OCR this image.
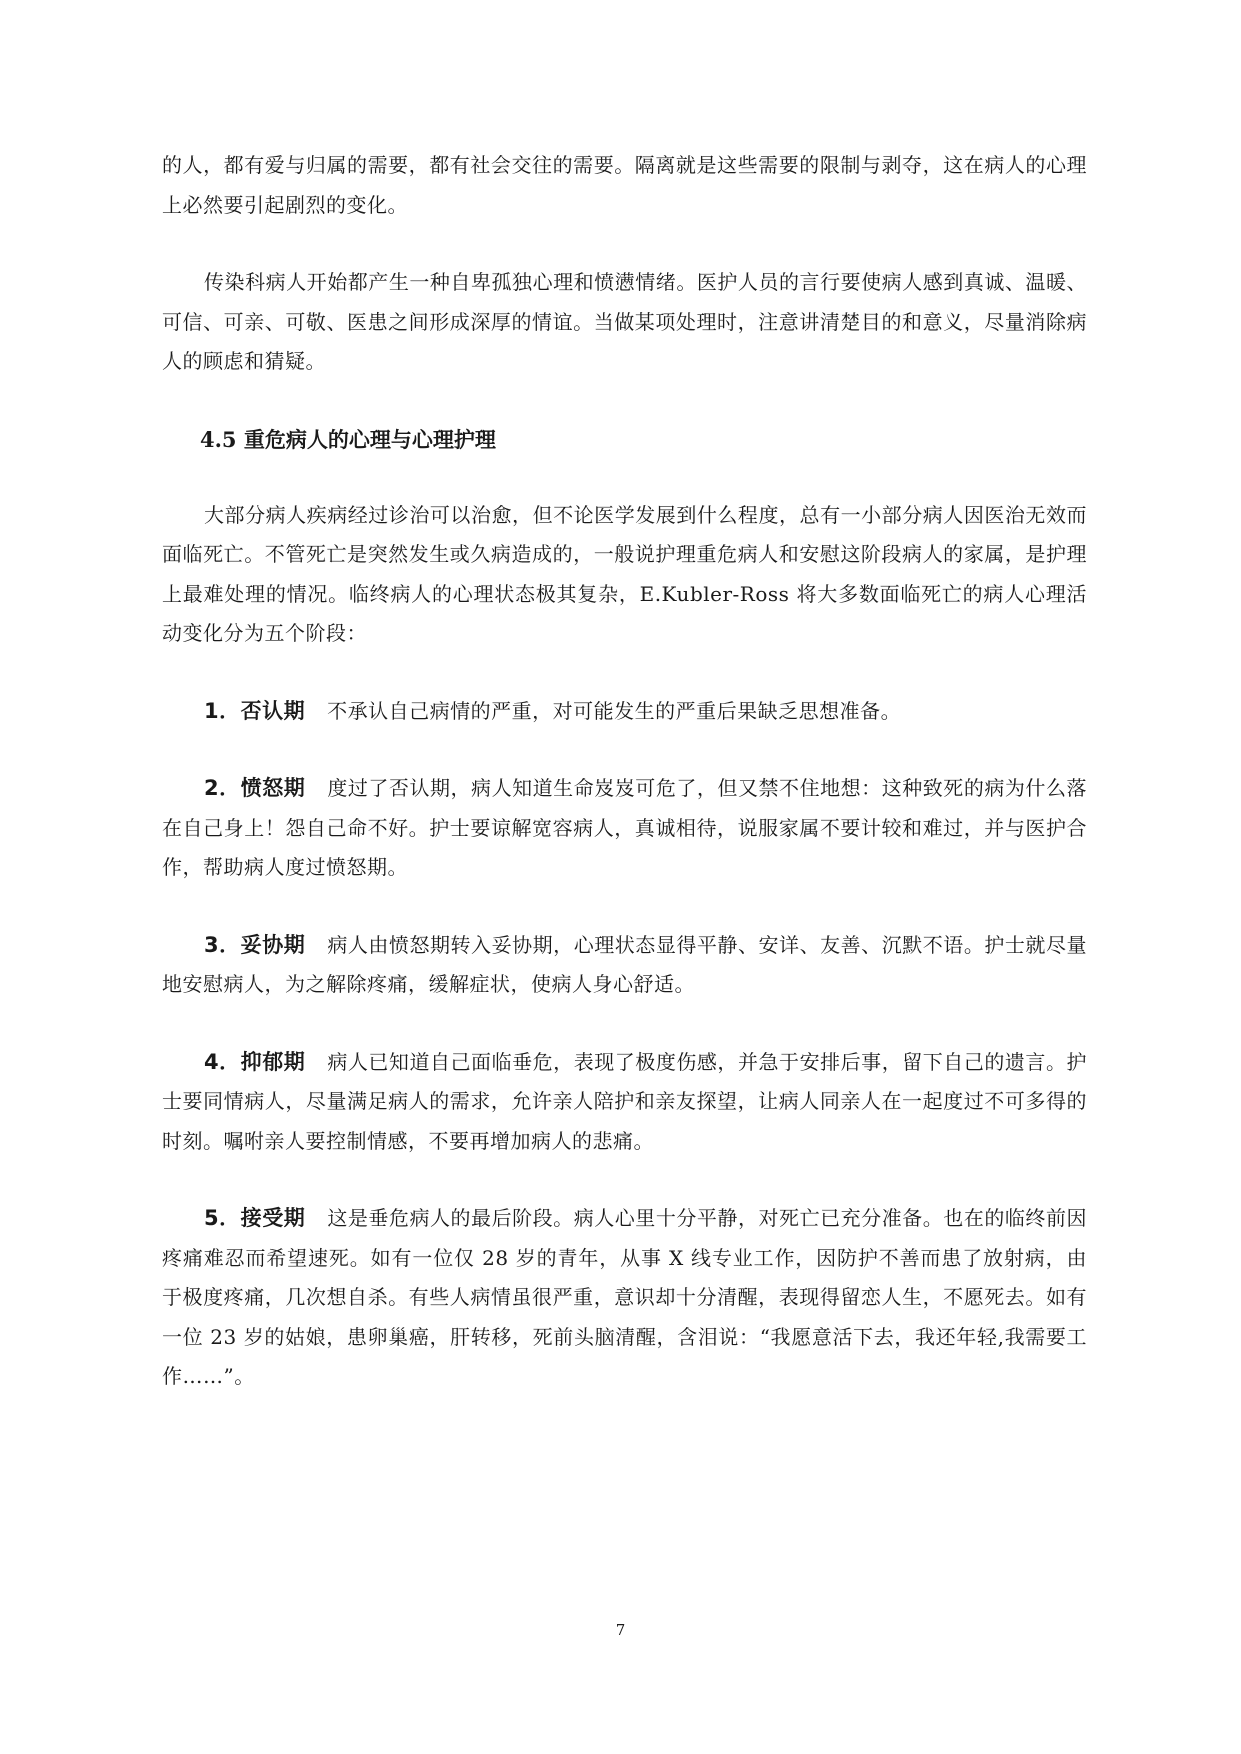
的人，都有爱与归属的需要，都有社会交往的需要。隔离就是这些需要的限制与剥夺，这在病人的心理上必然要引起剧烈的变化。

传染科病人开始都产生一种自卑孤独心理和愤懑情绪。医护人员的言行要使病人感到真诚、温暖、可信、可亲、可敬、医患之间形成深厚的情谊。当做某项处理时，注意讲清楚目的和意义，尽量消除病人的顾虑和猜疑。

4.5 重危病人的心理与心理护理

大部分病人疾病经过诊治可以治愈，但不论医学发展到什么程度，总有一小部分病人因医治无效而面临死亡。不管死亡是突然发生或久病造成的，一般说护理重危病人和安慰这阶段病人的家属，是护理上最难处理的情况。临终病人的心理状态极其复杂，E.Kubler-Ross 将大多数面临死亡的病人心理活动变化分为五个阶段：

1．否认期 不承认自己病情的严重，对可能发生的严重后果缺乏思想准备。

2．愤怒期 度过了否认期，病人知道生命岌岌可危了，但又禁不住地想：这种致死的病为什么落在自己身上！怨自己命不好。护士要谅解宽容病人，真诚相待，说服家属不要计较和难过，并与医护合作，帮助病人度过愤怒期。

3．妥协期 病人由愤怒期转入妥协期，心理状态显得平静、安详、友善、沉默不语。护士就尽量地安慰病人，为之解除疼痛，缓解症状，使病人身心舒适。

4．抑郁期 病人已知道自己面临垂危，表现了极度伤感，并急于安排后事，留下自己的遗言。护士要同情病人，尽量满足病人的需求，允许亲人陪护和亲友探望，让病人同亲人在一起度过不可多得的时刻。嘱咐亲人要控制情感，不要再增加病人的悲痛。

5．接受期 这是垂危病人的最后阶段。病人心里十分平静，对死亡已充分准备。也在的临终前因疼痛难忍而希望速死。如有一位仅 28 岁的青年，从事 X 线专业工作，因防护不善而患了放射病，由于极度疼痛，几次想自杀。有些人病情虽很严重，意识却十分清醒，表现得留恋人生，不愿死去。如有一位 23 岁的姑娘，患卵巢癌，肝转移，死前头脑清醒，含泪说：“我愿意活下去，我还年轻,我需要工作……”。

7
